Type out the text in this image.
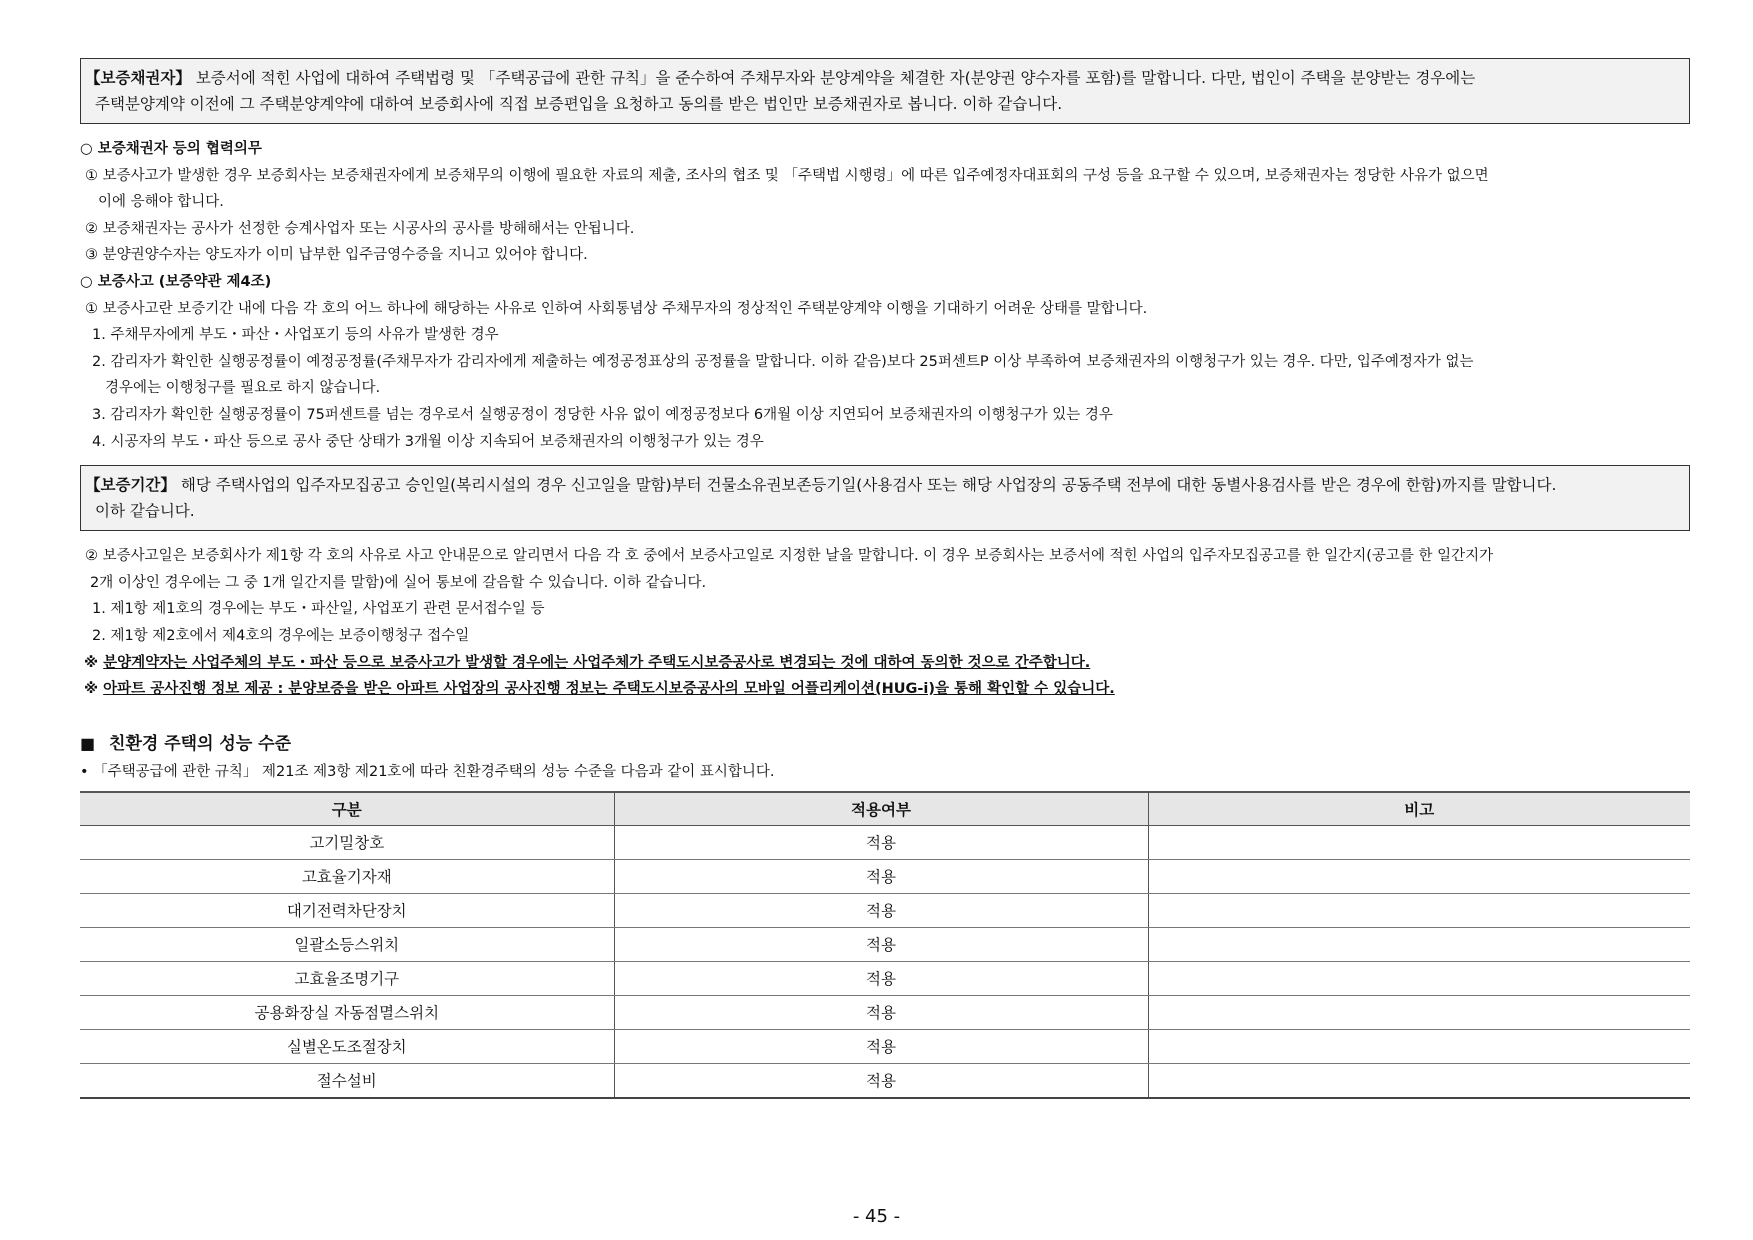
【보증채권자】 보증서에 적힌 사업에 대하여 주택법령 및 「주택공급에 관한 규칙」을 준수하여 주채무자와 분양계약을 체결한 자(분양권 양수자를 포함)를 말합니다. 다만, 법인이 주택을 분양받는 경우에는
주택분양계약 이전에 그 주택분양계약에 대하여 보증회사에 직접 보증편입을 요청하고 동의를 받은 법인만 보증채권자로 봅니다. 이하 같습니다.

○ 보증채권자 등의 협력의무

① 보증사고가 발생한 경우 보증회사는 보증채권자에게 보증채무의 이행에 필요한 자료의 제출, 조사의 협조 및 「주택법 시행령」에 따른 입주예정자대표회의 구성 등을 요구할 수 있으며, 보증채권자는 정당한 사유가 없으면

이에 응해야 합니다.

② 보증채권자는 공사가 선정한 승계사업자 또는 시공사의 공사를 방해해서는 안됩니다.

③ 분양권양수자는 양도자가 이미 납부한 입주금영수증을 지니고 있어야 합니다.

○ 보증사고 (보증약관 제4조)

① 보증사고란 보증기간 내에 다음 각 호의 어느 하나에 해당하는 사유로 인하여 사회통념상 주채무자의 정상적인 주택분양계약 이행을 기대하기 어려운 상태를 말합니다.

1. 주채무자에게 부도・파산・사업포기 등의 사유가 발생한 경우

2. 감리자가 확인한 실행공정률이 예정공정률(주채무자가 감리자에게 제출하는 예정공정표상의 공정률을 말합니다. 이하 같음)보다 25퍼센트P 이상 부족하여 보증채권자의 이행청구가 있는 경우. 다만, 입주예정자가 없는

경우에는 이행청구를 필요로 하지 않습니다.

3. 감리자가 확인한 실행공정률이 75퍼센트를 넘는 경우로서 실행공정이 정당한 사유 없이 예정공정보다 6개월 이상 지연되어 보증채권자의 이행청구가 있는 경우

4. 시공자의 부도・파산 등으로 공사 중단 상태가 3개월 이상 지속되어 보증채권자의 이행청구가 있는 경우

【보증기간】 해당 주택사업의 입주자모집공고 승인일(복리시설의 경우 신고일을 말함)부터 건물소유권보존등기일(사용검사 또는 해당 사업장의 공동주택 전부에 대한 동별사용검사를 받은 경우에 한함)까지를 말합니다.
이하 같습니다.

② 보증사고일은 보증회사가 제1항 각 호의 사유로 사고 안내문으로 알리면서 다음 각 호 중에서 보증사고일로 지정한 날을 말합니다. 이 경우 보증회사는 보증서에 적힌 사업의 입주자모집공고를 한 일간지(공고를 한 일간지가

2개 이상인 경우에는 그 중 1개 일간지를 말함)에 실어 통보에 갈음할 수 있습니다. 이하 같습니다.

1. 제1항 제1호의 경우에는 부도・파산일, 사업포기 관련 문서접수일 등

2. 제1항 제2호에서 제4호의 경우에는 보증이행청구 접수일

※ 분양계약자는 사업주체의 부도・파산 등으로 보증사고가 발생할 경우에는 사업주체가 주택도시보증공사로 변경되는 것에 대하여 동의한 것으로 간주합니다.

※ 아파트 공사진행 정보 제공 : 분양보증을 받은 아파트 사업장의 공사진행 정보는 주택도시보증공사의 모바일 어플리케이션(HUG-i)을 통해 확인할 수 있습니다.

■ 친환경 주택의 성능 수준
• 「주택공급에 관한 규칙」 제21조 제3항 제21호에 따라 친환경주택의 성능 수준을 다음과 같이 표시합니다.
구분	적용여부	비고
고기밀창호	적용	
고효율기자재	적용	
대기전력차단장치	적용	
일괄소등스위치	적용	
고효율조명기구	적용	
공용화장실 자동점멸스위치	적용	
실별온도조절장치	적용	
절수설비	적용	
- 45 -
